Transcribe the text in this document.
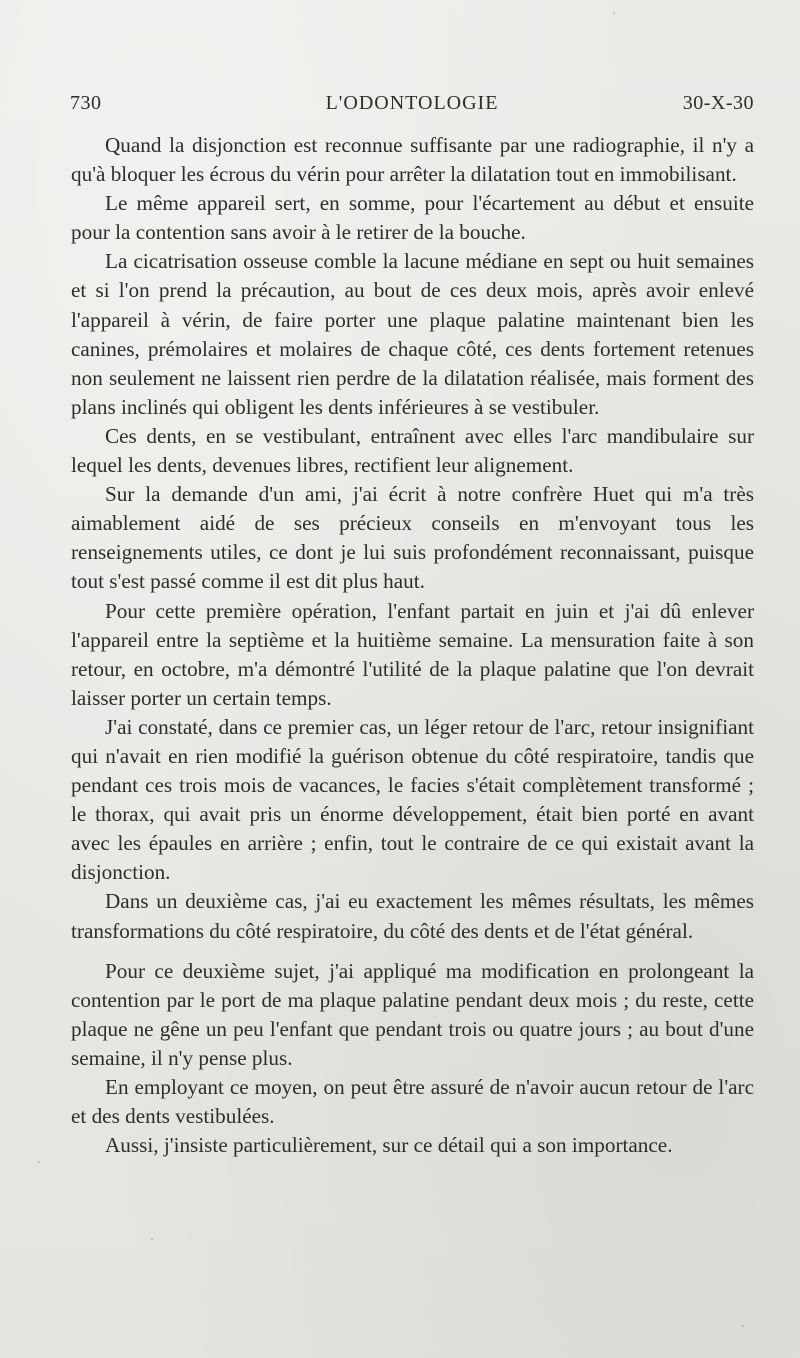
730	L'ODONTOLOGIE	30-X-30

Quand la disjonction est reconnue suffisante par une radiographie, il n'y a qu'à bloquer les écrous du vérin pour arrêter la dilatation tout en immobilisant.

Le même appareil sert, en somme, pour l'écartement au début et ensuite pour la contention sans avoir à le retirer de la bouche.

La cicatrisation osseuse comble la lacune médiane en sept ou huit semaines et si l'on prend la précaution, au bout de ces deux mois, après avoir enlevé l'appareil à vérin, de faire porter une plaque palatine maintenant bien les canines, prémolaires et molaires de chaque côté, ces dents fortement retenues non seulement ne laissent rien perdre de la dilatation réalisée, mais forment des plans inclinés qui obligent les dents inférieures à se vestibuler.

Ces dents, en se vestibulant, entraînent avec elles l'arc mandibulaire sur lequel les dents, devenues libres, rectifient leur alignement.

Sur la demande d'un ami, j'ai écrit à notre confrère Huet qui m'a très aimablement aidé de ses précieux conseils en m'envoyant tous les renseignements utiles, ce dont je lui suis profondément reconnaissant, puisque tout s'est passé comme il est dit plus haut.

Pour cette première opération, l'enfant partait en juin et j'ai dû enlever l'appareil entre la septième et la huitième semaine. La mensuration faite à son retour, en octobre, m'a démontré l'utilité de la plaque palatine que l'on devrait laisser porter un certain temps.

J'ai constaté, dans ce premier cas, un léger retour de l'arc, retour insignifiant qui n'avait en rien modifié la guérison obtenue du côté respiratoire, tandis que pendant ces trois mois de vacances, le facies s'était complètement transformé ; le thorax, qui avait pris un énorme développement, était bien porté en avant avec les épaules en arrière ; enfin, tout le contraire de ce qui existait avant la disjonction.

Dans un deuxième cas, j'ai eu exactement les mêmes résultats, les mêmes transformations du côté respiratoire, du côté des dents et de l'état général.

Pour ce deuxième sujet, j'ai appliqué ma modification en prolongeant la contention par le port de ma plaque palatine pendant deux mois ; du reste, cette plaque ne gêne un peu l'enfant que pendant trois ou quatre jours ; au bout d'une semaine, il n'y pense plus.

En employant ce moyen, on peut être assuré de n'avoir aucun retour de l'arc et des dents vestibulées.

Aussi, j'insiste particulièrement, sur ce détail qui a son importance.
